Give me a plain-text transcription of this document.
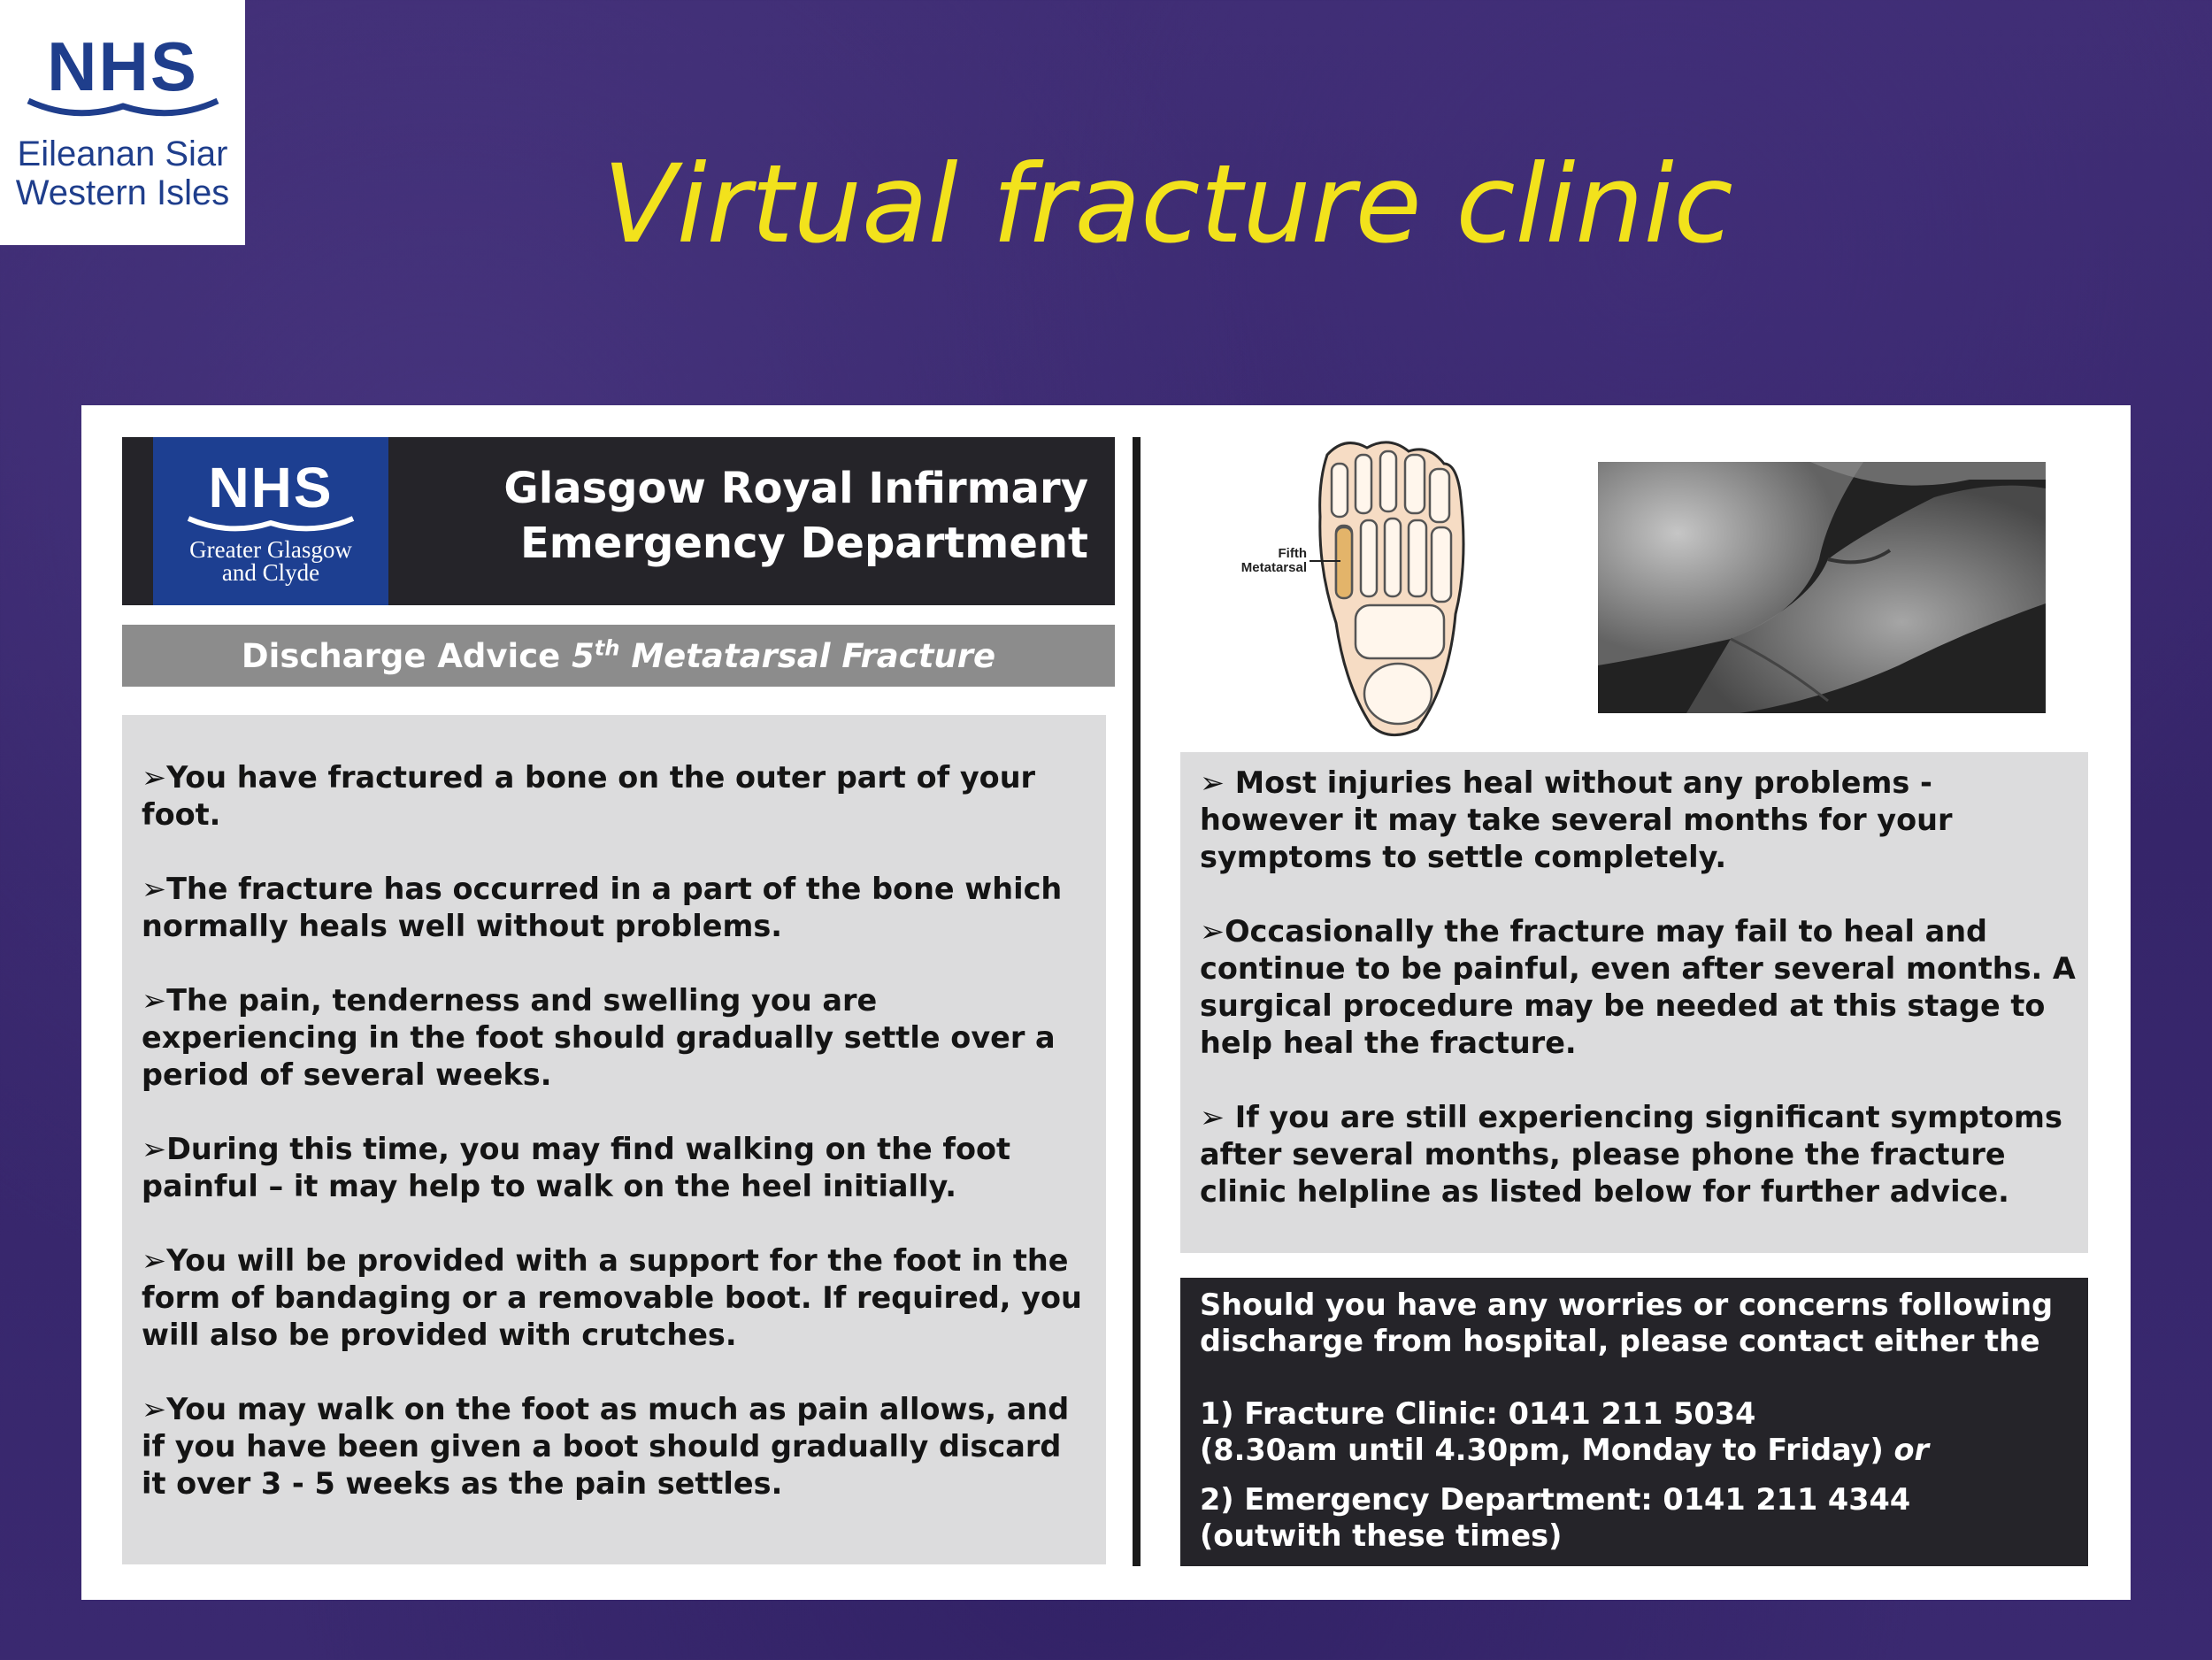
NHS
Eileanan Siar
Western Isles	Virtual fracture clinic
Glasgow Royal Infirmary
Emergency Department
NHS
Greater Glasgow
and Clyde
Discharge Advice 5th Metatarsal Fracture
➢You have fractured a bone on the outer part of your foot.
➢The fracture has occurred in a part of the bone which normally heals well without problems.
➢The pain, tenderness and swelling you are experiencing in the foot should gradually settle over a period of several weeks.
➢During this time, you may find walking on the foot painful – it may help to walk on the heel initially.
➢You will be provided with a support for the foot in the form of bandaging or a removable boot. If required, you will also be provided with crutches.
➢You may walk on the foot as much as pain allows, and if you have been given a boot should gradually discard it over 3 - 5 weeks as the pain settles.
Fifth
Metatarsal
➢ Most injuries heal without any problems - however it may take several months for your symptoms to settle completely.
➢Occasionally the fracture may fail to heal and continue to be painful, even after several months. A surgical procedure may be needed at this stage to help heal the fracture.
➢ If you are still experiencing significant symptoms after several months, please phone the fracture clinic helpline as listed below for further advice.
Should you have any worries or concerns following discharge from hospital, please contact either the
1) Fracture Clinic: 0141 211 5034
(8.30am until 4.30pm, Monday to Friday) or
2) Emergency Department: 0141 211 4344
(outwith these times)
